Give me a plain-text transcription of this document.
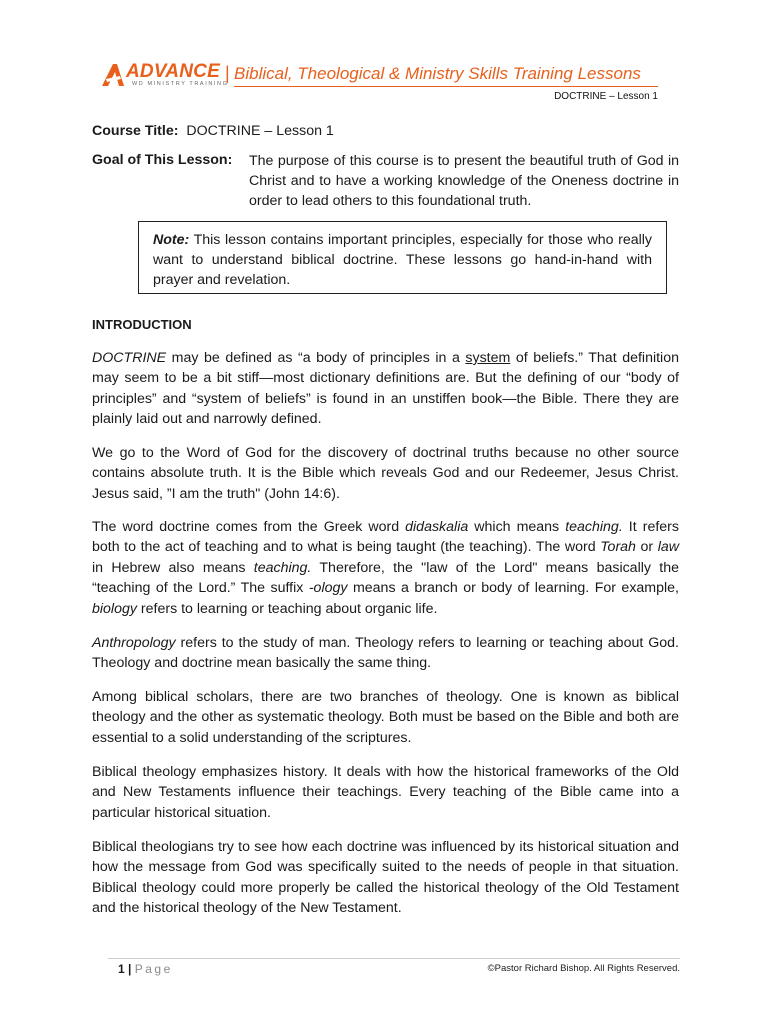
ADVANCE
WD MINISTRY TRAINING
| Biblical, Theological & Ministry Skills Training Lessons
DOCTRINE – Lesson 1
Course Title: DOCTRINE – Lesson 1
Goal of This Lesson: The purpose of this course is to present the beautiful truth of God in Christ and to have a working knowledge of the Oneness doctrine in order to lead others to this foundational truth.
Note: This lesson contains important principles, especially for those who really want to understand biblical doctrine. These lessons go hand-in-hand with prayer and revelation.
INTRODUCTION
DOCTRINE may be defined as “a body of principles in a system of beliefs.” That definition may seem to be a bit stiff—most dictionary definitions are. But the defining of our “body of principles” and “system of beliefs” is found in an unstiffen book—the Bible. There they are plainly laid out and narrowly defined.
We go to the Word of God for the discovery of doctrinal truths because no other source contains absolute truth. It is the Bible which reveals God and our Redeemer, Jesus Christ. Jesus said, ”I am the truth" (John 14:6).
The word doctrine comes from the Greek word didaskalia which means teaching. It refers both to the act of teaching and to what is being taught (the teaching). The word Torah or law in Hebrew also means teaching. Therefore, the "law of the Lord" means basically the “teaching of the Lord.” The suffix -ology means a branch or body of learning. For example, biology refers to learning or teaching about organic life.
Anthropology refers to the study of man. Theology refers to learning or teaching about God. Theology and doctrine mean basically the same thing.
Among biblical scholars, there are two branches of theology. One is known as biblical theology and the other as systematic theology. Both must be based on the Bible and both are essential to a solid understanding of the scriptures.
Biblical theology emphasizes history. It deals with how the historical frameworks of the Old and New Testaments influence their teachings. Every teaching of the Bible came into a particular historical situation.
Biblical theologians try to see how each doctrine was influenced by its historical situation and how the message from God was specifically suited to the needs of people in that situation. Biblical theology could more properly be called the historical theology of the Old Testament and the historical theology of the New Testament.
1 | Page	©Pastor Richard Bishop. All Rights Reserved.
